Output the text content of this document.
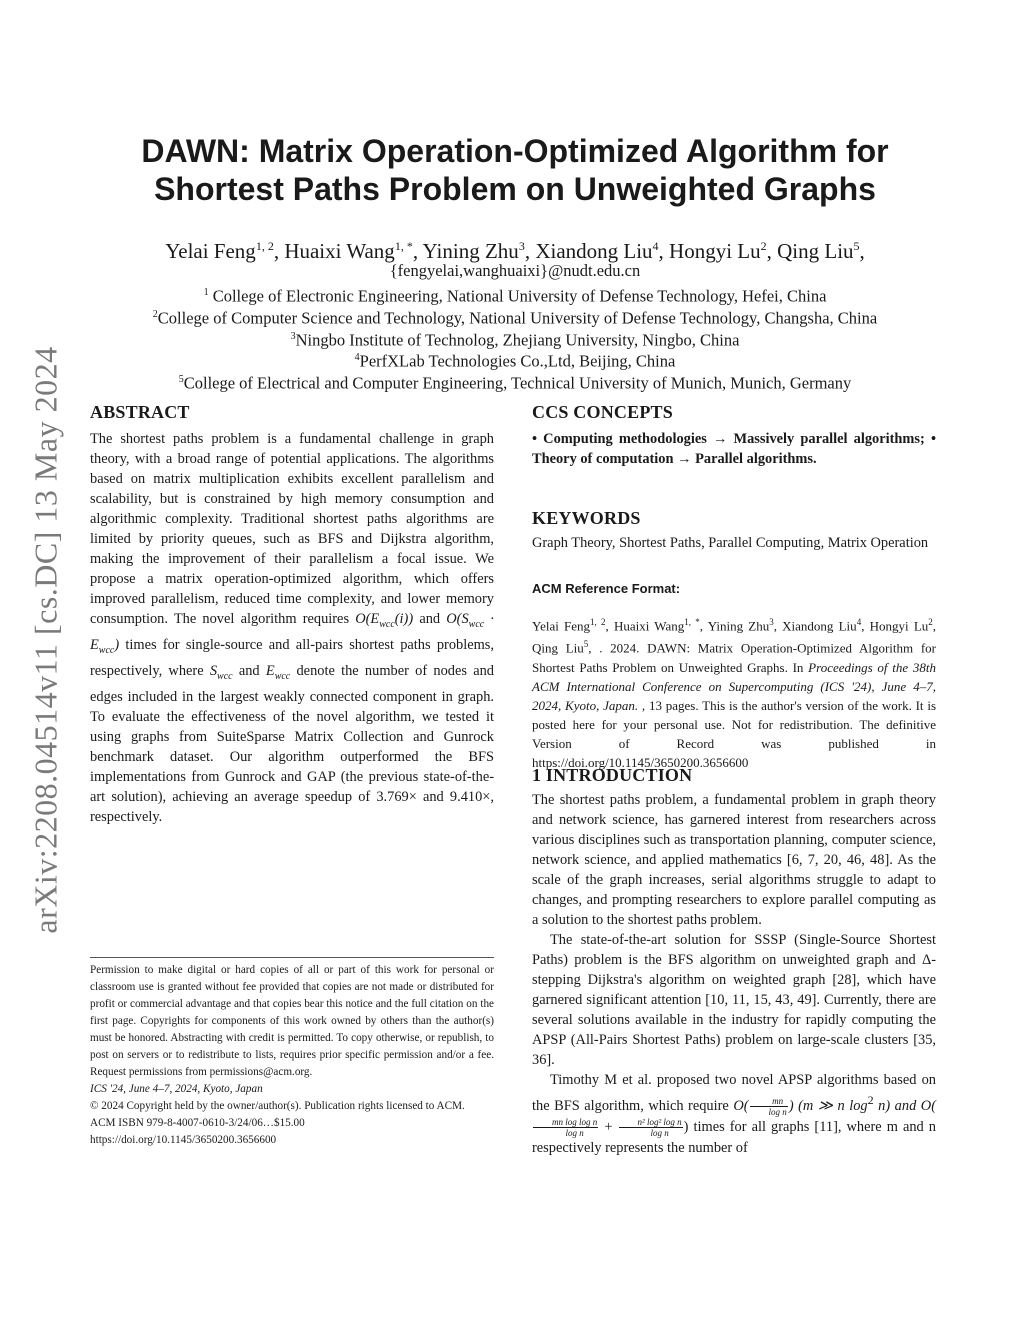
arXiv:2208.04514v11 [cs.DC] 13 May 2024
DAWN: Matrix Operation-Optimized Algorithm for
Shortest Paths Problem on Unweighted Graphs
Yelai Feng$^{1, 2}$, Huaixi Wang$^{1, *}$, Yining Zhu$^3$, Xiandong Liu$^4$, Hongyi Lu$^2$, Qing Liu$^5$,
{fengyelai,wanghuaixi}@nudt.edu.cn
$^1$ College of Electronic Engineering, National University of Defense Technology, Hefei, China
$^2$College of Computer Science and Technology, National University of Defense Technology, Changsha, China
$^3$Ningbo Institute of Technolog, Zhejiang University, Ningbo, China
$^4$PerfXLab Technologies Co.,Ltd, Beijing, China
$^5$College of Electrical and Computer Engineering, Technical University of Munich, Munich, Germany
ABSTRACT

The shortest paths problem is a fundamental challenge in graph theory, with a broad range of potential applications. The algorithms based on matrix multiplication exhibits excellent parallelism and scalability, but is constrained by high memory consumption and algorithmic complexity. Traditional shortest paths algorithms are limited by priority queues, such as BFS and Dijkstra algorithm, making the improvement of their parallelism a focal issue. We propose a matrix operation-optimized algorithm, which offers improved parallelism, reduced time complexity, and lower memory consumption. The novel algorithm requires $O(E_{wcc}(i))$ and $O(S_{wcc} \cdot E_{wcc})$ times for single-source and all-pairs shortest paths problems, respectively, where $S_{wcc}$ and $E_{wcc}$ denote the number of nodes and edges included in the largest weakly connected component in graph. To evaluate the effectiveness of the novel algorithm, we tested it using graphs from SuiteSparse Matrix Collection and Gunrock benchmark dataset. Our algorithm outperformed the BFS implementations from Gunrock and GAP (the previous state-of-the-art solution), achieving an average speedup of 3.769× and 9.410×, respectively.

Permission to make digital or hard copies of all or part of this work for personal or classroom use is granted without fee provided that copies are not made or distributed for profit or commercial advantage and that copies bear this notice and the full citation on the first page. Copyrights for components of this work owned by others than the author(s) must be honored. Abstracting with credit is permitted. To copy otherwise, or republish, to post on servers or to redistribute to lists, requires prior specific permission and/or a fee. Request permissions from permissions@acm.org.
ICS '24, June 4–7, 2024, Kyoto, Japan
© 2024 Copyright held by the owner/author(s). Publication rights licensed to ACM.
ACM ISBN 979-8-4007-0610-3/24/06…$15.00
https://doi.org/10.1145/3650200.3656600
CCS CONCEPTS

• Computing methodologies → Massively parallel algorithms; • Theory of computation → Parallel algorithms.

KEYWORDS

Graph Theory, Shortest Paths, Parallel Computing, Matrix Operation

ACM Reference Format:

Yelai Feng$^{1, 2}$, Huaixi Wang$^{1, *}$, Yining Zhu$^3$, Xiandong Liu$^4$, Hongyi Lu$^2$, Qing Liu$^5$, . 2024. DAWN: Matrix Operation-Optimized Algorithm for Shortest Paths Problem on Unweighted Graphs. In Proceedings of the 38th ACM International Conference on Supercomputing (ICS '24), June 4–7, 2024, Kyoto, Japan. , 13 pages. This is the author's version of the work. It is posted here for your personal use. Not for redistribution. The definitive Version of Record was published in https://doi.org/10.1145/3650200.3656600

1 INTRODUCTION

The shortest paths problem, a fundamental problem in graph theory and network science, has garnered interest from researchers across various disciplines such as transportation planning, computer science, network science, and applied mathematics [6, 7, 20, 46, 48]. As the scale of the graph increases, serial algorithms struggle to adapt to changes, and prompting researchers to explore parallel computing as a solution to the shortest paths problem.

The state-of-the-art solution for SSSP (Single-Source Shortest Paths) problem is the BFS algorithm on unweighted graph and Δ-stepping Dijkstra's algorithm on weighted graph [28], which have garnered significant attention [10, 11, 15, 43, 49]. Currently, there are several solutions available in the industry for rapidly computing the APSP (All-Pairs Shortest Paths) problem on large-scale clusters [35, 36].

Timothy M et al. proposed two novel APSP algorithms based on the BFS algorithm, which require $O( \frac{mn}{\text{log n}}$ ) (m ≫ n $\log^2 n$) and O(
$\frac{\text{mn log log n}}{\text{log n}} + \frac{\text{n² log² log n}}{\text{log n}}$ ) times for all graphs [11], where m and n respectively represents the number of
